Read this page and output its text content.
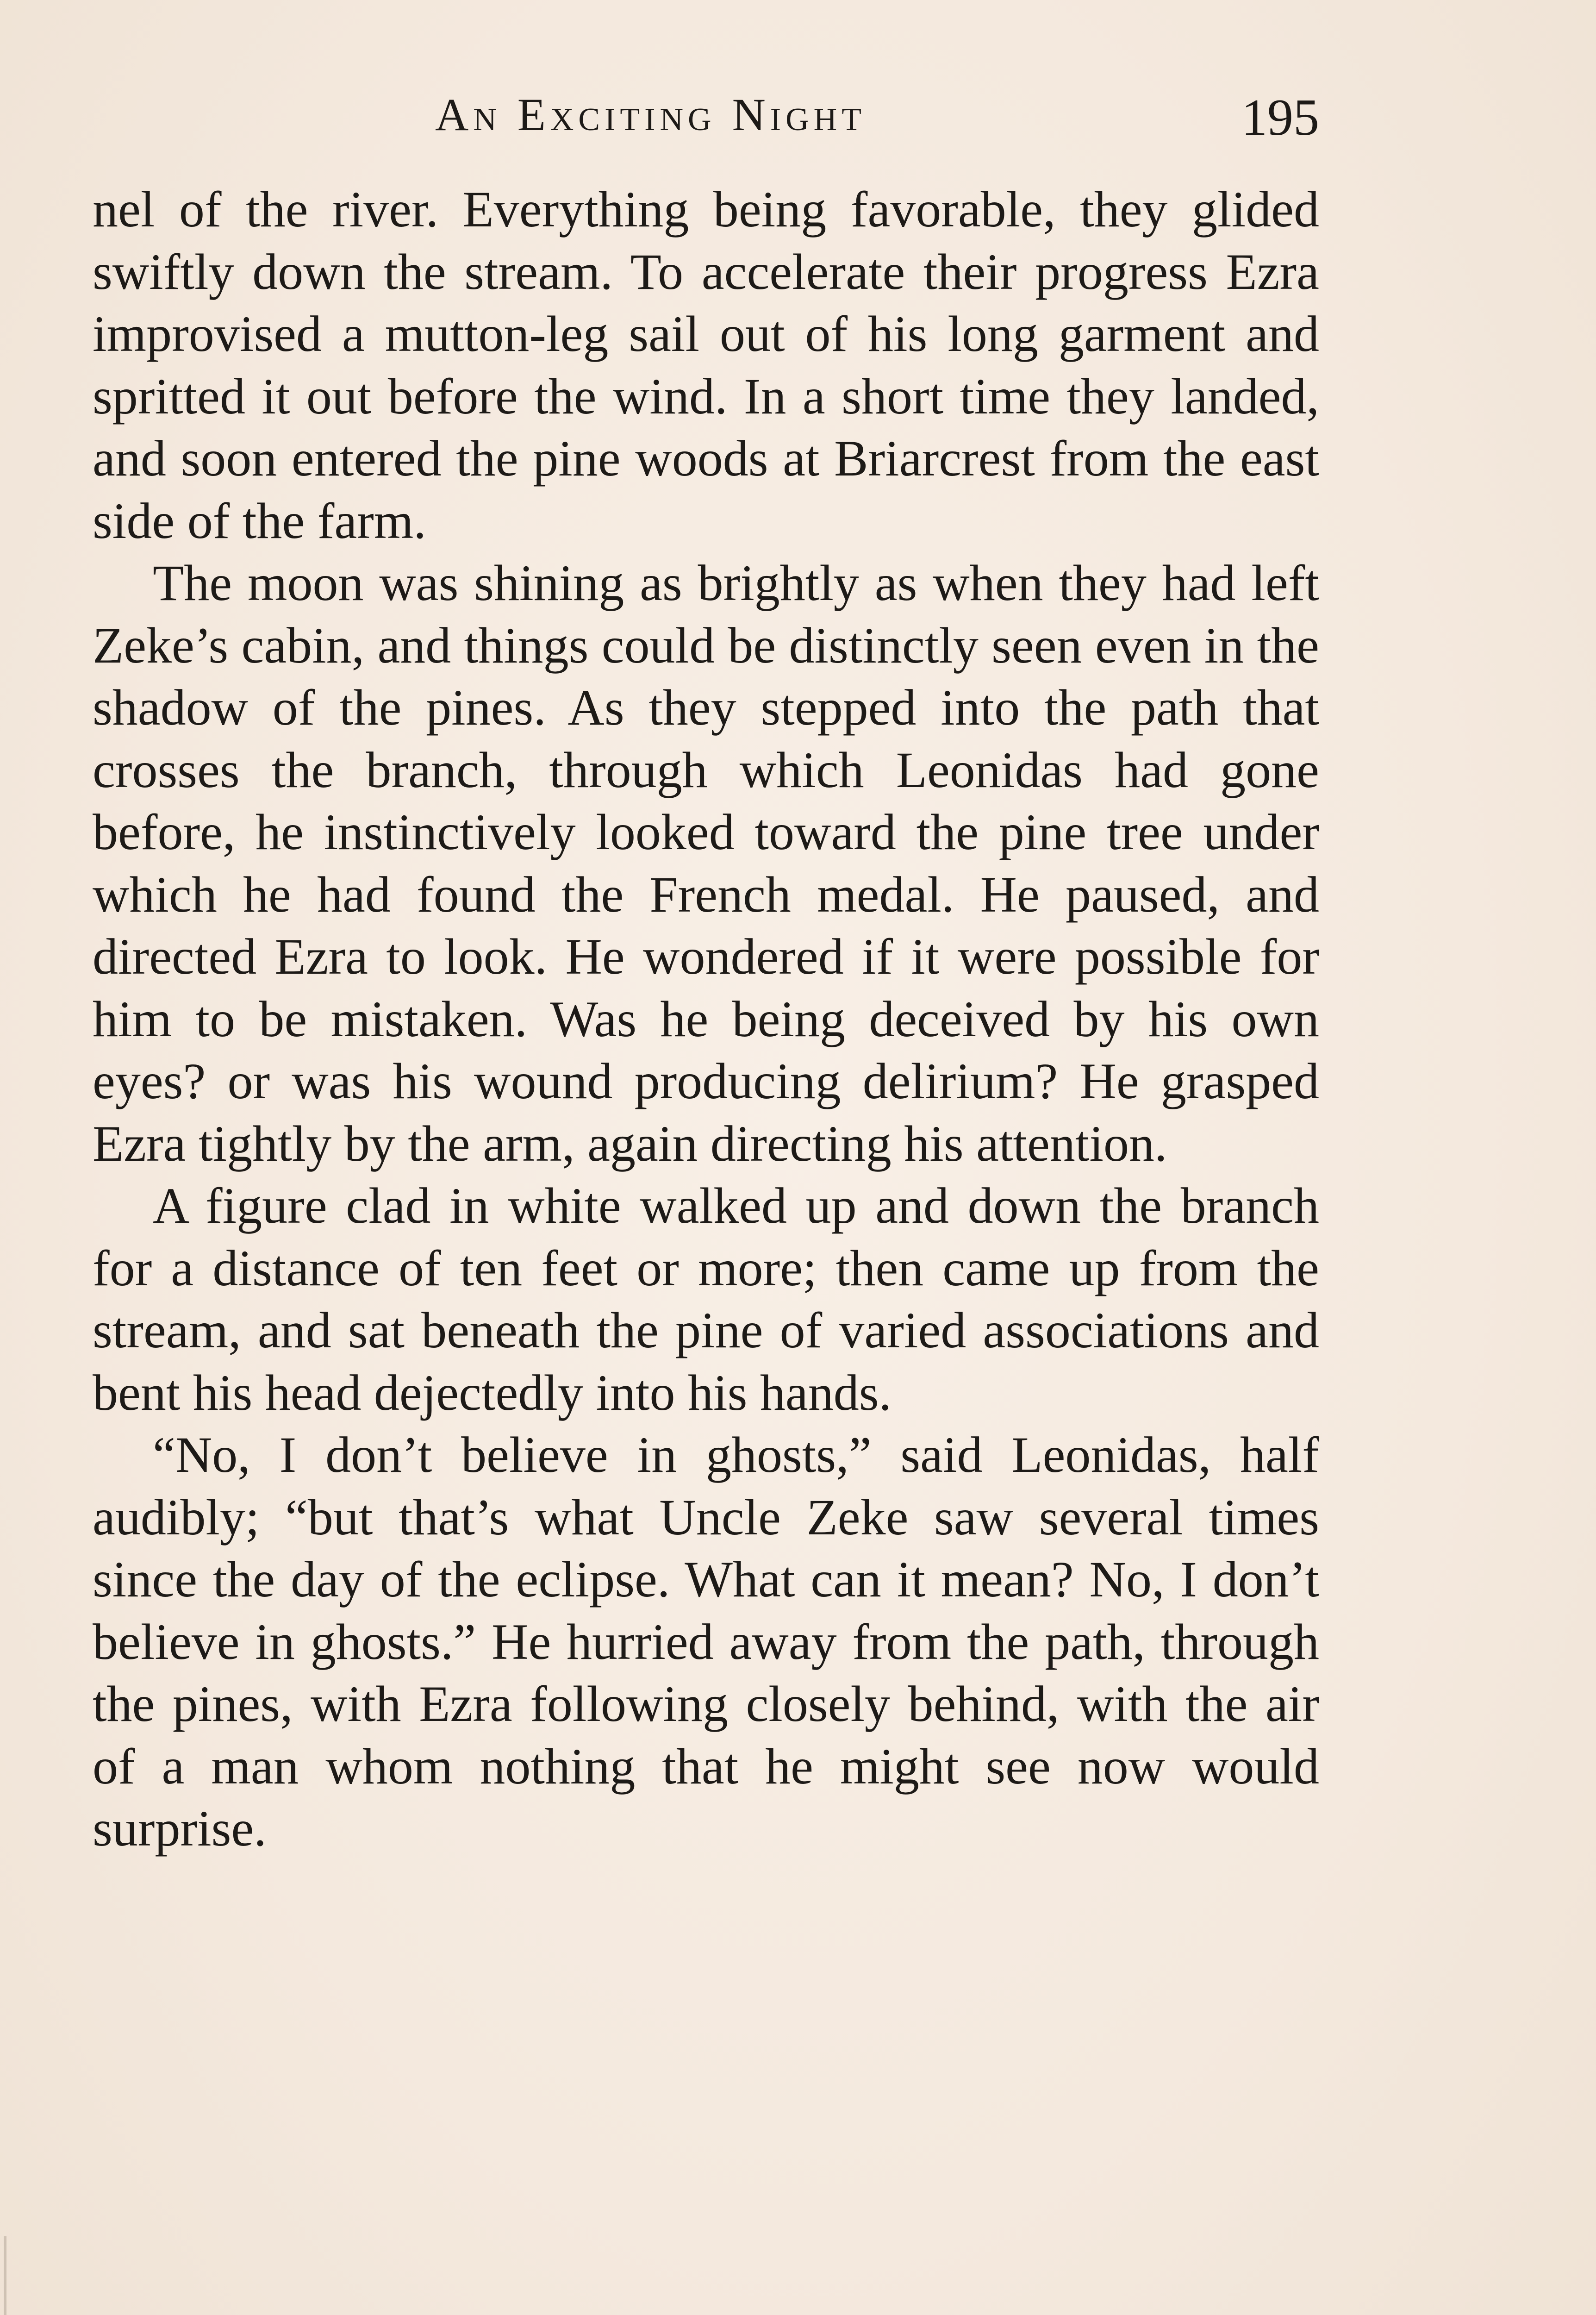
An Exciting Night	195

nel of the river. Everything being favorable, they glided swiftly down the stream. To accelerate their progress Ezra improvised a mutton-leg sail out of his long garment and spritted it out before the wind. In a short time they landed, and soon entered the pine woods at Briarcrest from the east side of the farm.

The moon was shining as brightly as when they had left Zeke’s cabin, and things could be distinctly seen even in the shadow of the pines. As they stepped into the path that crosses the branch, through which Leonidas had gone before, he instinctively looked toward the pine tree under which he had found the French medal. He paused, and directed Ezra to look. He wondered if it were possible for him to be mistaken. Was he being deceived by his own eyes? or was his wound producing delirium? He grasped Ezra tightly by the arm, again directing his attention.

A figure clad in white walked up and down the branch for a distance of ten feet or more; then came up from the stream, and sat beneath the pine of varied associations and bent his head dejectedly into his hands.

“No, I don’t believe in ghosts,” said Leonidas, half audibly; “but that’s what Uncle Zeke saw several times since the day of the eclipse. What can it mean? No, I don’t believe in ghosts.” He hurried away from the path, through the pines, with Ezra following closely behind, with the air of a man whom nothing that he might see now would surprise.
